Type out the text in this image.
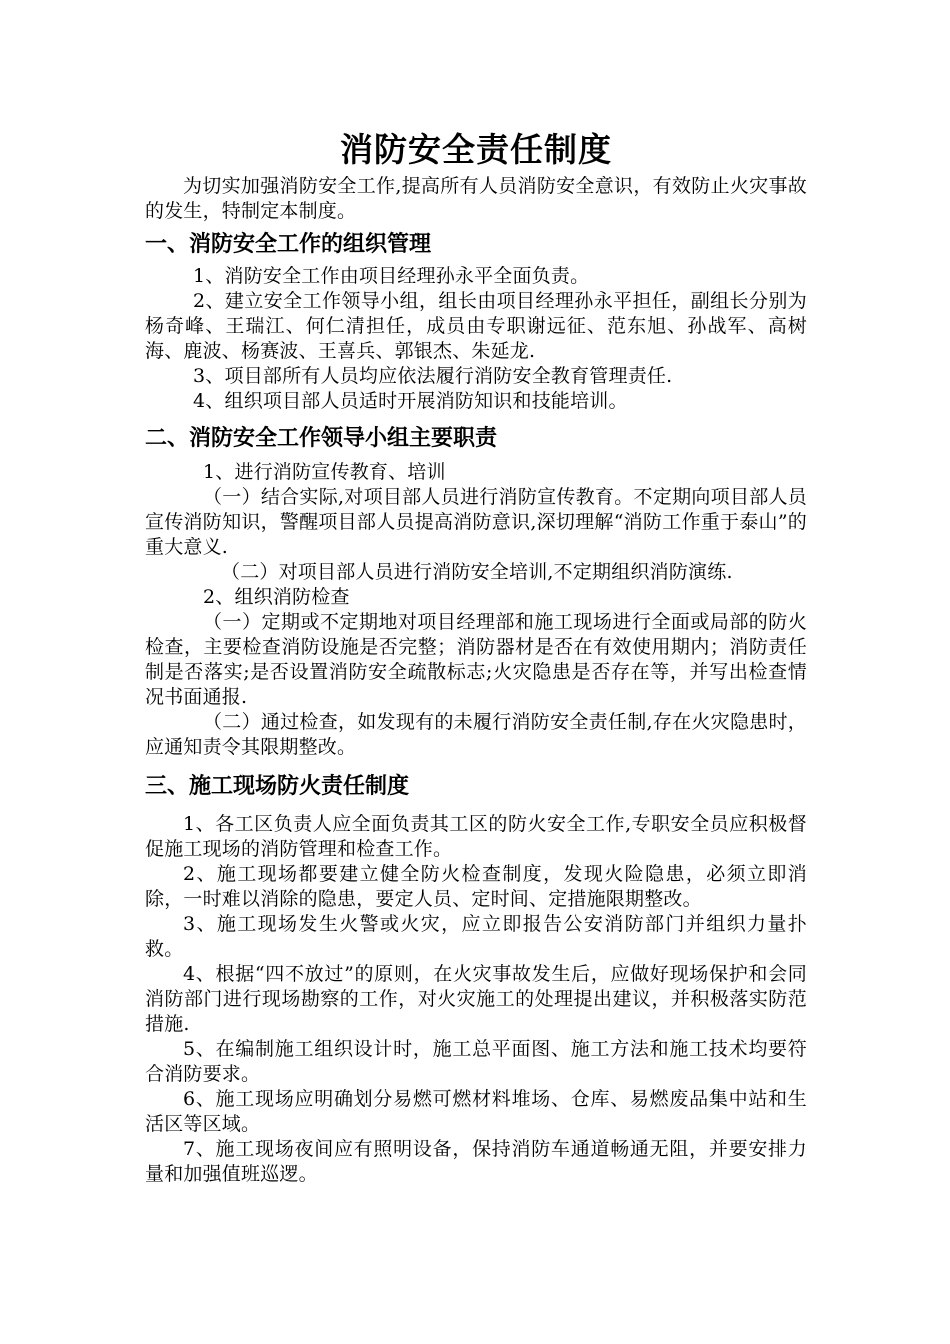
消防安全责任制度

为切实加强消防安全工作,提高所有人员消防安全意识，有效防止火灾事故的发生，特制定本制度。

一、消防安全工作的组织管理

1、消防安全工作由项目经理孙永平全面负责。

2、建立安全工作领导小组，组长由项目经理孙永平担任，副组长分别为杨奇峰、王瑞江、何仁清担任，成员由专职谢远征、范东旭、孙战军、高树海、鹿波、杨赛波、王喜兵、郭银杰、朱延龙.

3、项目部所有人员均应依法履行消防安全教育管理责任.

4、组织项目部人员适时开展消防知识和技能培训。

二、消防安全工作领导小组主要职责

1、进行消防宣传教育、培训

（一）结合实际,对项目部人员进行消防宣传教育。不定期向项目部人员宣传消防知识，警醒项目部人员提高消防意识,深切理解“消防工作重于泰山”的重大意义.

（二）对项目部人员进行消防安全培训,不定期组织消防演练.

2、组织消防检查

（一）定期或不定期地对项目经理部和施工现场进行全面或局部的防火检查，主要检查消防设施是否完整；消防器材是否在有效使用期内；消防责任制是否落实;是否设置消防安全疏散标志;火灾隐患是否存在等，并写出检查情况书面通报.

（二）通过检查，如发现有的未履行消防安全责任制,存在火灾隐患时，应通知责令其限期整改。

三、施工现场防火责任制度

1、各工区负责人应全面负责其工区的防火安全工作,专职安全员应积极督促施工现场的消防管理和检查工作。

2、施工现场都要建立健全防火检查制度，发现火险隐患，必须立即消除，一时难以消除的隐患，要定人员、定时间、定措施限期整改。

3、施工现场发生火警或火灾，应立即报告公安消防部门并组织力量扑救。

4、根据“四不放过”的原则，在火灾事故发生后，应做好现场保护和会同消防部门进行现场勘察的工作，对火灾施工的处理提出建议，并积极落实防范措施.

5、在编制施工组织设计时，施工总平面图、施工方法和施工技术均要符合消防要求。

6、施工现场应明确划分易燃可燃材料堆场、仓库、易燃废品集中站和生活区等区域。

7、施工现场夜间应有照明设备，保持消防车通道畅通无阻，并要安排力量和加强值班巡逻。
